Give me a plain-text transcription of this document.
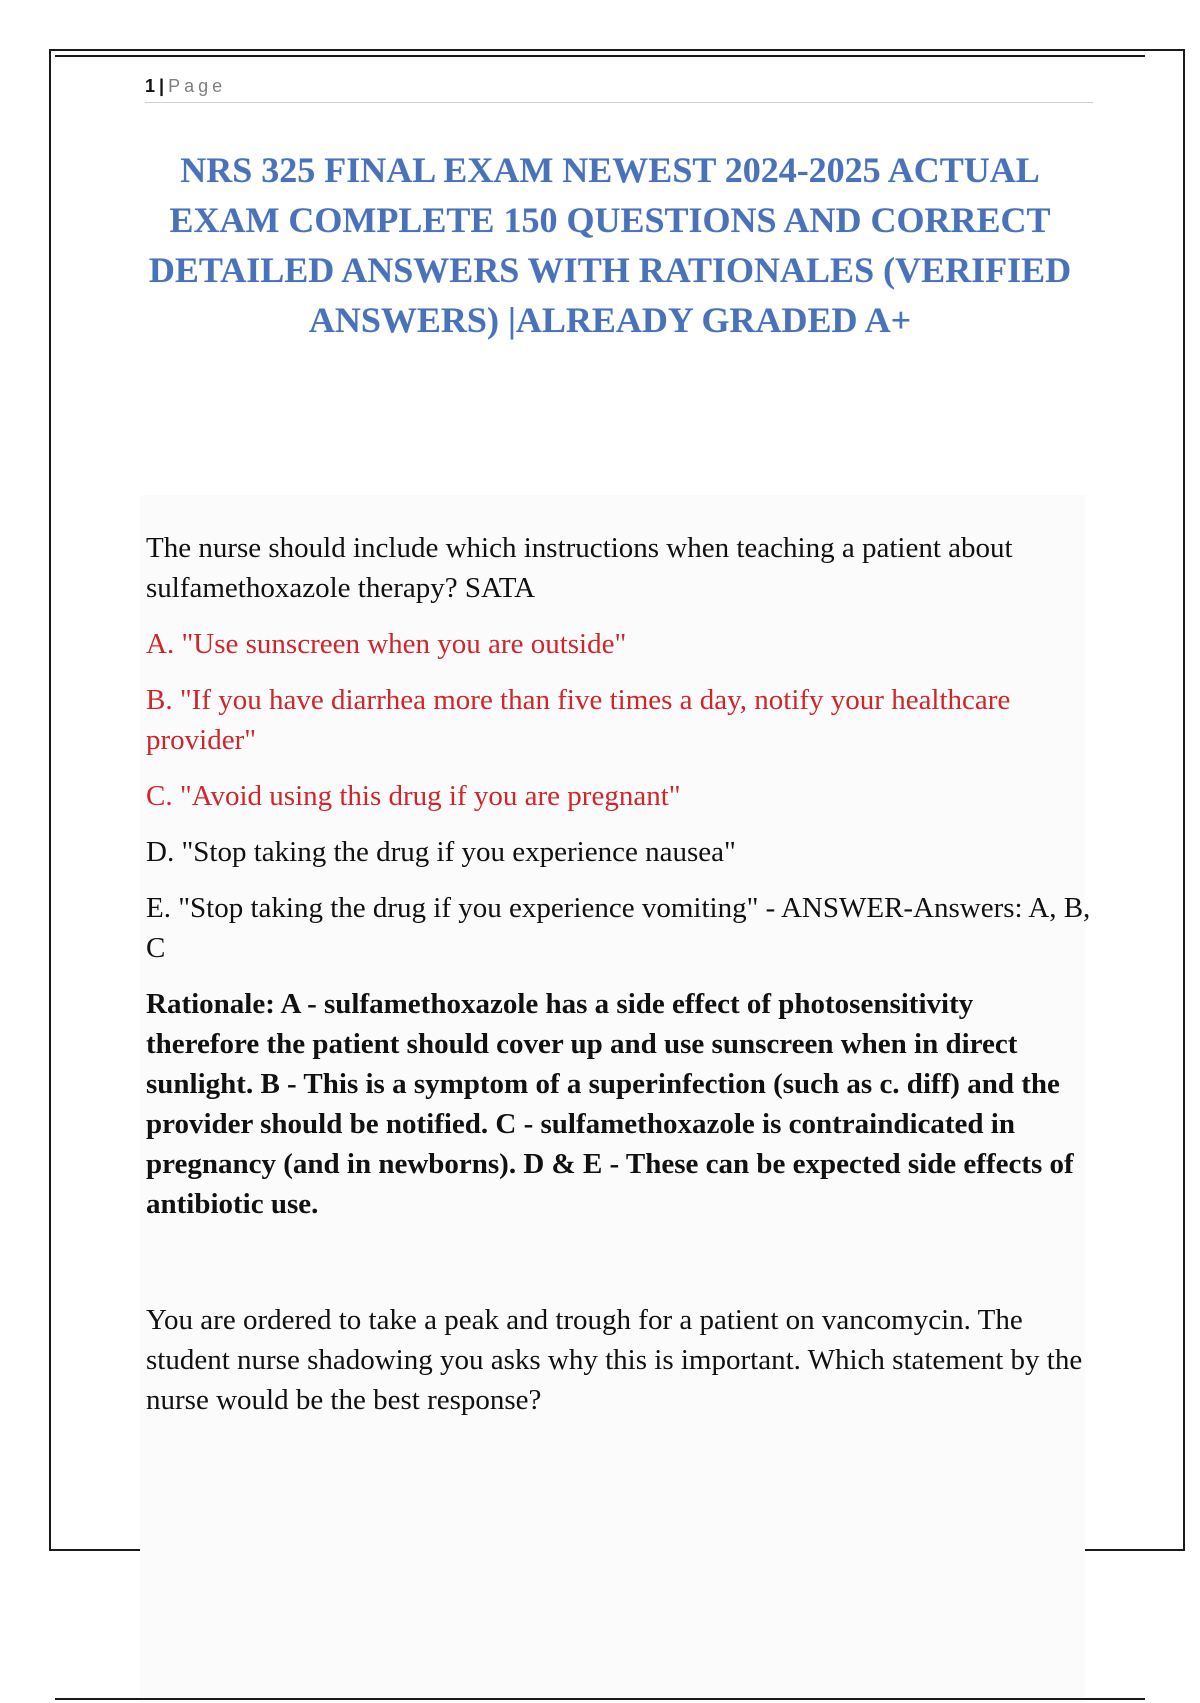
1 | Page
NRS 325 FINAL EXAM NEWEST 2024-2025 ACTUAL EXAM COMPLETE 150 QUESTIONS AND CORRECT DETAILED ANSWERS WITH RATIONALES (VERIFIED ANSWERS) |ALREADY GRADED A+

The nurse should include which instructions when teaching a patient about sulfamethoxazole therapy? SATA

A. "Use sunscreen when you are outside"

B. "If you have diarrhea more than five times a day, notify your healthcare provider"

C. "Avoid using this drug if you are pregnant"

D. "Stop taking the drug if you experience nausea"

E. "Stop taking the drug if you experience vomiting" - ANSWER-Answers: A, B, C

Rationale: A - sulfamethoxazole has a side effect of photosensitivity therefore the patient should cover up and use sunscreen when in direct sunlight. B - This is a symptom of a superinfection (such as c. diff) and the provider should be notified. C - sulfamethoxazole is contraindicated in pregnancy (and in newborns). D & E - These can be expected side effects of antibiotic use.

You are ordered to take a peak and trough for a patient on vancomycin. The student nurse shadowing you asks why this is important. Which statement by the nurse would be the best response?
